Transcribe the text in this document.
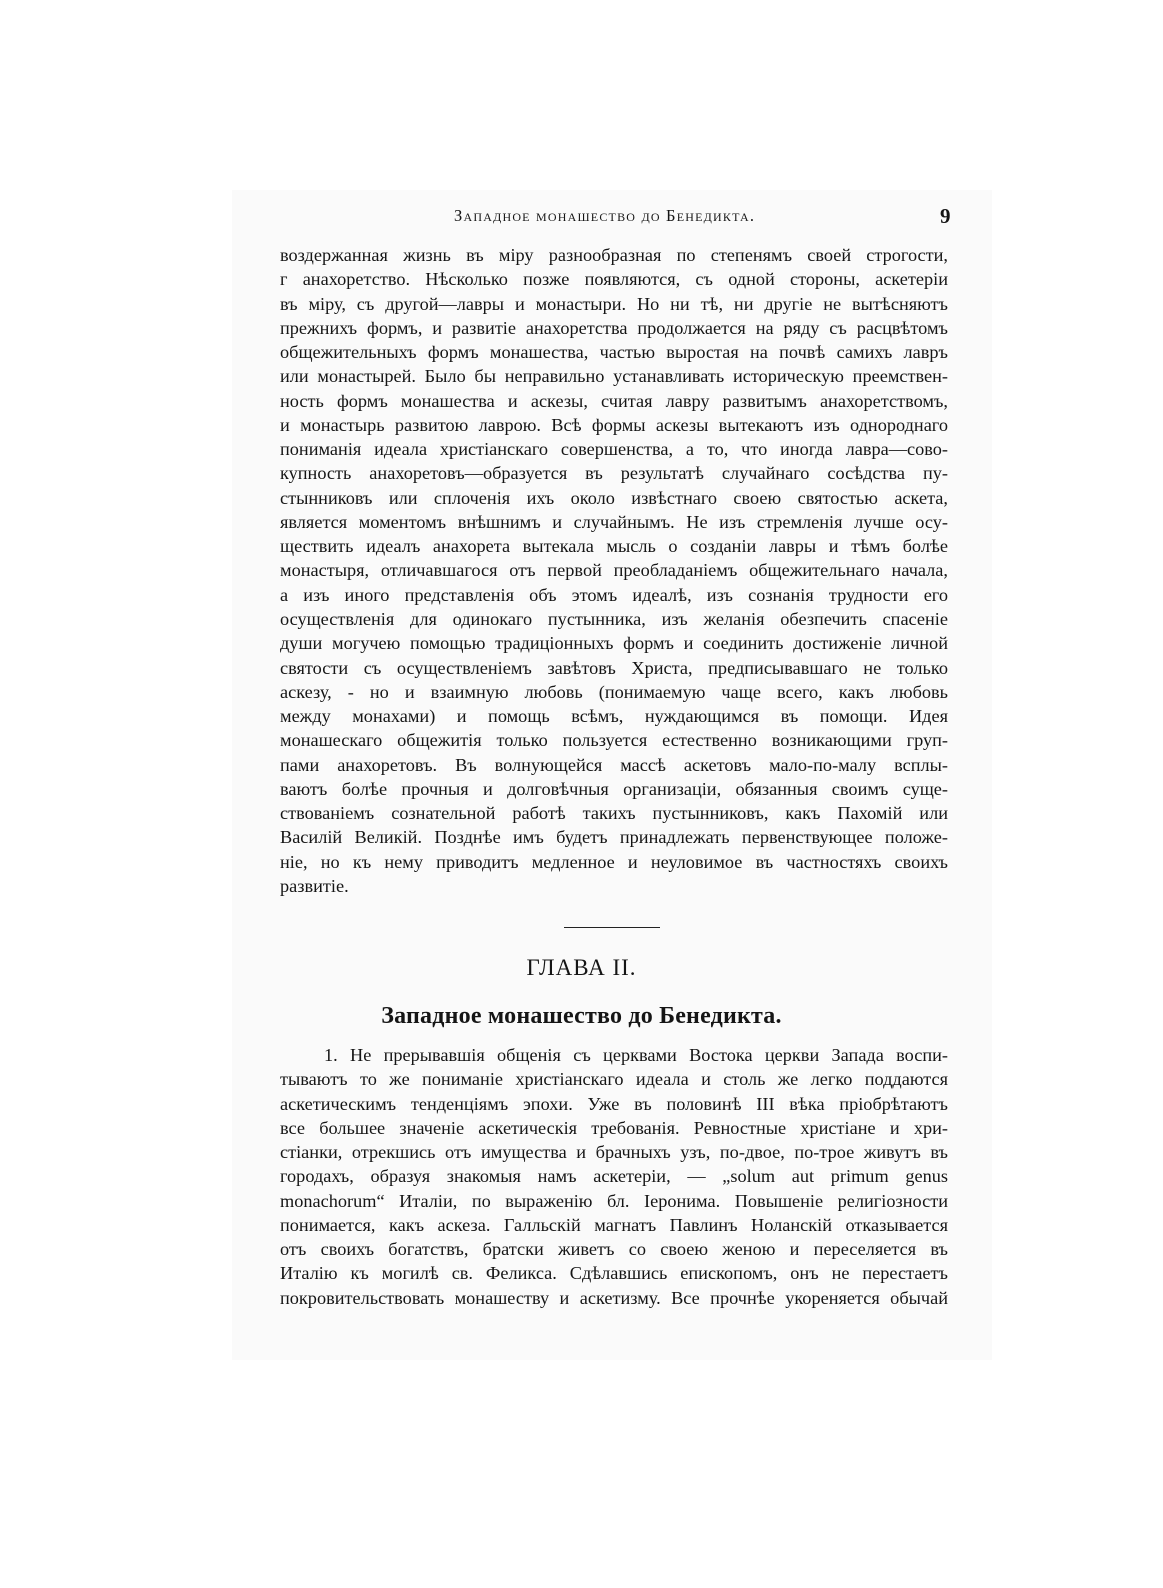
Западное монашество до Бенедикта.	9
воздержанная жизнь въ міру разнообразная по степенямъ своей строгости,
г анахоретство. Нѣсколько позже появляются, съ одной стороны, аскетеріи
въ міру, съ другой—лавры и монастыри. Но ни тѣ, ни другіе не вытѣсняютъ
прежнихъ формъ, и развитіе анахоретства продолжается на ряду съ расцвѣтомъ
общежительныхъ формъ монашества, частью выростая на почвѣ самихъ лавръ
или монастырей. Было бы неправильно устанавливать историческую преемствен-
ность формъ монашества и аскезы, считая лавру развитымъ анахоретствомъ,
и монастырь развитою лаврою. Всѣ формы аскезы вытекаютъ изъ однороднаго
пониманія идеала христіанскаго совершенства, а то, что иногда лавра—сово-
купность анахоретовъ—образуется въ результатѣ случайнаго сосѣдства пу-
стынниковъ или сплоченія ихъ около извѣстнаго своею святостью аскета,
является моментомъ внѣшнимъ и случайнымъ. Не изъ стремленія лучше осу-
ществить идеалъ анахорета вытекала мысль о созданіи лавры и тѣмъ болѣе
монастыря, отличавшагося отъ первой преобладаніемъ общежительнаго начала,
а изъ иного представленія объ этомъ идеалѣ, изъ сознанія трудности его
осуществленія для одинокаго пустынника, изъ желанія обезпечить спасеніе
души могучею помощью традиціонныхъ формъ и соединить достиженіе личной
святости съ осуществленіемъ завѣтовъ Христа, предписывавшаго не только
аскезу, - но и взаимную любовь (понимаемую чаще всего, какъ любовь
между монахами) и помощь всѣмъ, нуждающимся въ помощи. Идея
монашескаго общежитія только пользуется естественно возникающими груп-
пами анахоретовъ. Въ волнующейся массѣ аскетовъ мало-по-малу всплы-
ваютъ болѣе прочныя и долговѣчныя организаціи, обязанныя своимъ суще-
ствованіемъ сознательной работѣ такихъ пустынниковъ, какъ Пахомій или
Василій Великій. Позднѣе имъ будетъ принадлежать первенствующее положе-
ніе, но къ нему приводитъ медленное и неуловимое въ частностяхъ своихъ
развитіе.
ГЛАВА II.
Западное монашество до Бенедикта.
1. Не прерывавшія общенія съ церквами Востока церкви Запада воспи-
тываютъ то же пониманіе христіанскаго идеала и столь же легко поддаются
аскетическимъ тенденціямъ эпохи. Уже въ половинѣ III вѣка пріобрѣтаютъ
все большее значеніе аскетическія требованія. Ревностные христіане и хри-
стіанки, отрекшись отъ имущества и брачныхъ узъ, по-двое, по-трое живутъ въ
городахъ, образуя знакомыя намъ аскетеріи, — „solum aut primum genus
monachorum“ Италіи, по выраженію бл. Іеронима. Повышеніе религіозности
понимается, какъ аскеза. Галльскій магнатъ Павлинъ Ноланскій отказывается
отъ своихъ богатствъ, братски живетъ со своею женою и переселяется въ
Италію къ могилѣ св. Феликса. Сдѣлавшись епископомъ, онъ не перестаетъ
покровительствовать монашеству и аскетизму. Все прочнѣе укореняется обычай
